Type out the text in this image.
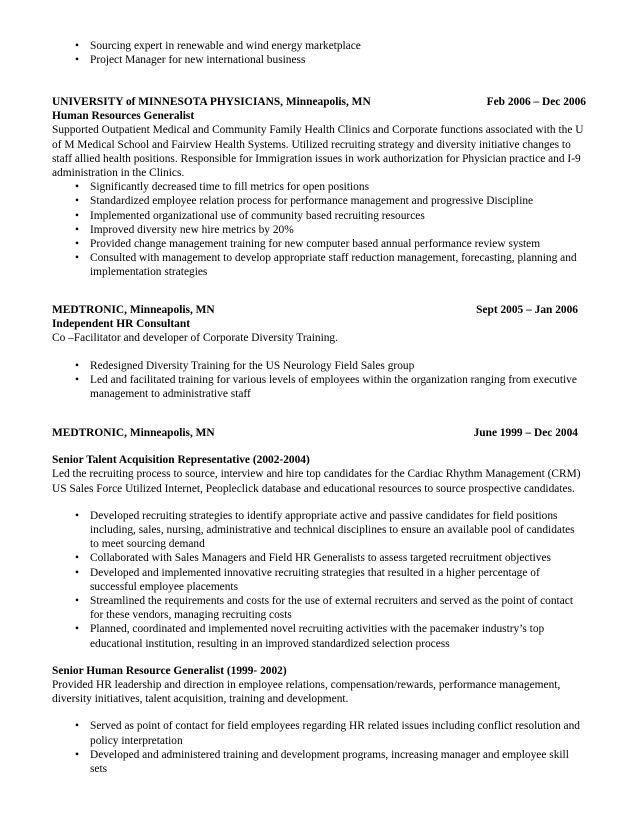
• Sourcing expert in renewable and wind energy marketplace
• Project Manager for new international business
UNIVERSITY of MINNESOTA PHYSICIANS, Minneapolis, MN	Feb 2006 – Dec 2006
Human Resources Generalist

Supported Outpatient Medical and Community Family Health Clinics and Corporate functions associated with the U of M Medical School and Fairview Health Systems. Utilized recruiting strategy and diversity initiative changes to staff allied health positions. Responsible for Immigration issues in work authorization for Physician practice and I-9 administration in the Clinics.

• Significantly decreased time to fill metrics for open positions
• Standardized employee relation process for performance management and progressive Discipline
• Implemented organizational use of community based recruiting resources
• Improved diversity new hire metrics by 20%
• Provided change management training for new computer based annual performance review system
• Consulted with management to develop appropriate staff reduction management, forecasting, planning and implementation strategies
MEDTRONIC, Minneapolis, MN	Sept 2005 – Jan 2006
Independent HR Consultant

Co –Facilitator and developer of Corporate Diversity Training.

• Redesigned Diversity Training for the US Neurology Field Sales group
• Led and facilitated training for various levels of employees within the organization ranging from executive management to administrative staff
MEDTRONIC, Minneapolis, MN	June 1999 – Dec 2004
Senior Talent Acquisition Representative (2002-2004)

Led the recruiting process to source, interview and hire top candidates for the Cardiac Rhythm Management (CRM) US Sales Force Utilized Internet, Peopleclick database and educational resources to source prospective candidates.

• Developed recruiting strategies to identify appropriate active and passive candidates for field positions including, sales, nursing, administrative and technical disciplines to ensure an available pool of candidates to meet sourcing demand
• Collaborated with Sales Managers and Field HR Generalists to assess targeted recruitment objectives
• Developed and implemented innovative recruiting strategies that resulted in a higher percentage of successful employee placements
• Streamlined the requirements and costs for the use of external recruiters and served as the point of contact for these vendors, managing recruiting costs
• Planned, coordinated and implemented novel recruiting activities with the pacemaker industry’s top educational institution, resulting in an improved standardized selection process
Senior Human Resource Generalist (1999- 2002)

Provided HR leadership and direction in employee relations, compensation/rewards, performance management, diversity initiatives, talent acquisition, training and development.

• Served as point of contact for field employees regarding HR related issues including conflict resolution and policy interpretation
• Developed and administered training and development programs, increasing manager and employee skill sets
